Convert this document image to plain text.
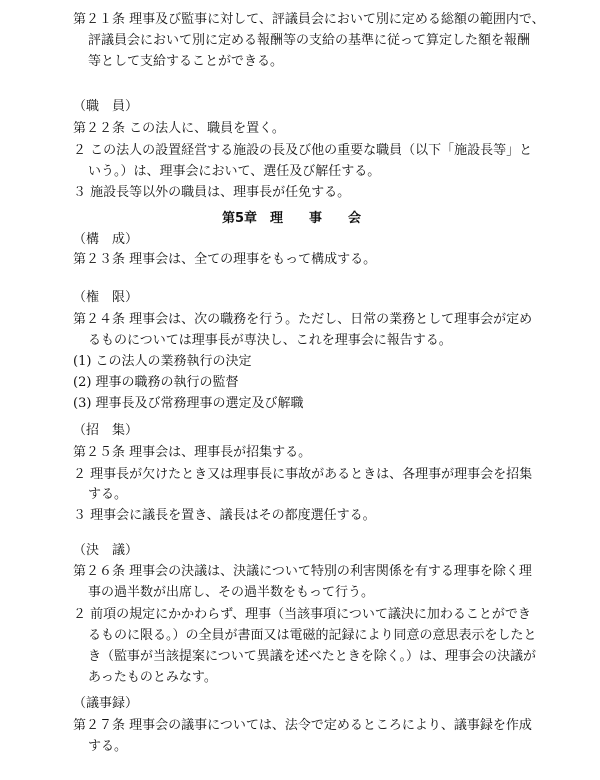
第２１条 理事及び監事に対して、評議員会において別に定める総額の範囲内で、
評議員会において別に定める報酬等の支給の基準に従って算定した額を報酬
等として支給することができる。
（職　員）
第２２条 この法人に、職員を置く。
２ この法人の設置経営する施設の長及び他の重要な職員（以下「施設長等」と
いう。）は、理事会において、選任及び解任する。
３ 施設長等以外の職員は、理事長が任免する。
第5章　理　　事　　会
（構　成）
第２３条 理事会は、全ての理事をもって構成する。
（権　限）
第２４条 理事会は、次の職務を行う。ただし、日常の業務として理事会が定め
るものについては理事長が専決し、これを理事会に報告する。
(1) この法人の業務執行の決定
(2) 理事の職務の執行の監督
(3) 理事長及び常務理事の選定及び解職
（招　集）
第２５条 理事会は、理事長が招集する。
２ 理事長が欠けたとき又は理事長に事故があるときは、各理事が理事会を招集
する。
３ 理事会に議長を置き、議長はその都度選任する。
（決　議）
第２６条 理事会の決議は、決議について特別の利害関係を有する理事を除く理
事の過半数が出席し、その過半数をもって行う。
２ 前項の規定にかかわらず、理事（当該事項について議決に加わることができ
るものに限る。）の全員が書面又は電磁的記録により同意の意思表示をしたと
き（監事が当該提案について異議を述べたときを除く。）は、理事会の決議が
あったものとみなす。
（議事録）
第２７条 理事会の議事については、法令で定めるところにより、議事録を作成
する。
